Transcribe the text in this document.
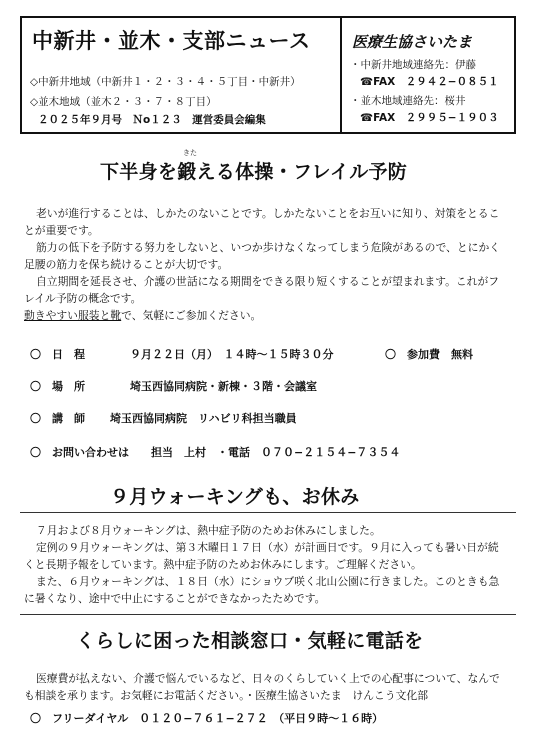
中新井・並木・支部ニュース
◇中新井地域（中新井１・２・３・４・５丁目・中新井）
◇並木地域（並木２・３・７・８丁目）
２０２５年９月号　Ｎo１２３　運営委員会編集
医療生協さいたま
・中新井地域連絡先：伊藤
☎FAX　２９４２−０８５１
・並木地域連絡先：桜井
☎FAX　２９９５−１９０３
きた
下半身を鍛える体操・フレイル予防

老いが進行することは、しかたのないことです。しかたないことをお互いに知り、対策をとるこ

とが重要です。

筋力の低下を予防する努力をしないと、いつか歩けなくなってしまう危険があるので、とにかく

足腰の筋力を保ち続けることが大切です。

自立期間を延長させ、介護の世話になる期間をできる限り短くすることが望まれます。これがフ

レイル予防の概念です。

動きやすい服装と靴で、気軽にご参加ください。

〇　日　程	９月２２日（月）　１４時〜１５時３０分	〇　参加費　無料
〇　場　所	埼玉西協同病院・新棟・３階・会議室
〇　講　師 埼玉西協同病院　リハビリ科担当職員
〇　お問い合わせは　　担当　上村　・電話　０７０−２１５４−７３５４
９月ウォーキングも、お休み

７月および８月ウォーキングは、熱中症予防のためお休みにしました。

定例の９月ウォーキングは、第３木曜日１７日（水）が計画日です。９月に入っても暑い日が続

くと長期予報をしています。熱中症予防のためお休みにします。ご理解ください。

また、６月ウォーキングは、１８日（水）にショウブ咲く北山公園に行きました。このときも急

に暑くなり、途中で中止にすることができなかったためです。

くらしに困った相談窓口・気軽に電話を

医療費が払えない、介護で悩んでいるなど、日々のくらしていく上での心配事について、なんで

も相談を承ります。お気軽にお電話ください。・医療生協さいたま　けんこう文化部

〇　フリーダイヤル　０１２０−７６１−２７２　（平日９時〜１６時）
